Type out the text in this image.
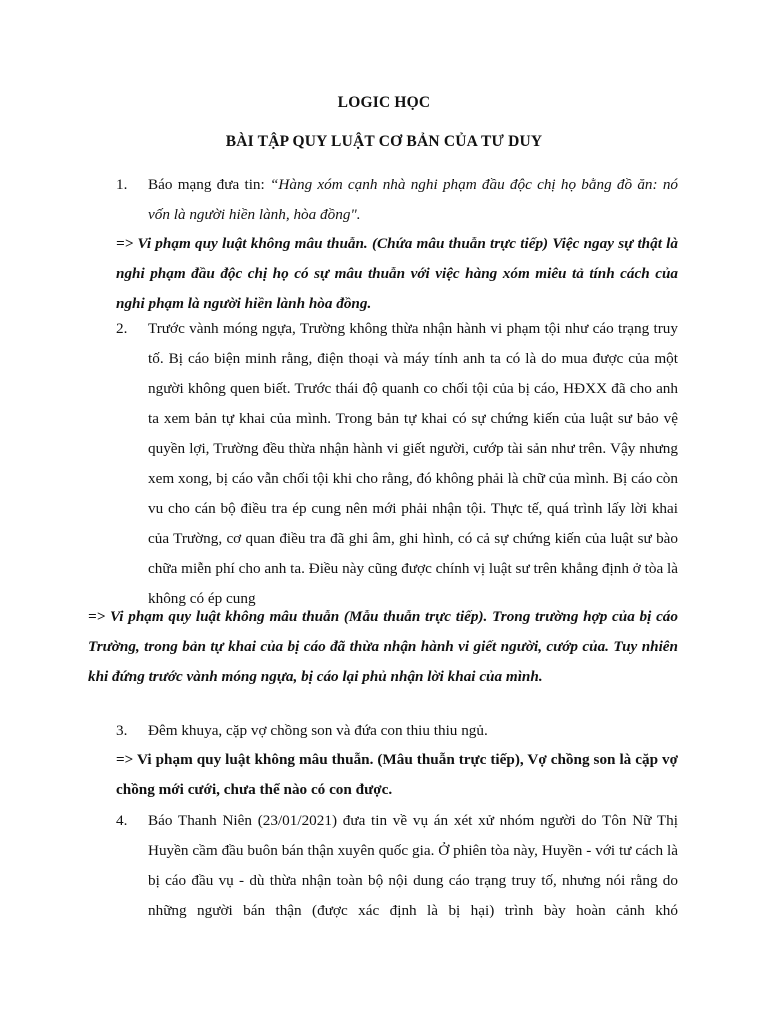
LOGIC HỌC
BÀI TẬP QUY LUẬT CƠ BẢN CỦA TƯ DUY
1.	Báo mạng đưa tin: “Hàng xóm cạnh nhà nghi phạm đầu độc chị họ bằng đồ ăn: nó vốn là người hiền lành, hòa đồng".
=> Vi phạm quy luật không mâu thuẫn. (Chứa mâu thuẫn trực tiếp) Việc ngay sự thật là nghi phạm đầu độc chị họ có sự mâu thuẫn với việc hàng xóm miêu tả tính cách của nghi phạm là người hiền lành hòa đồng.
2.	Trước vành móng ngựa, Trường không thừa nhận hành vi phạm tội như cáo trạng truy tố. Bị cáo biện minh rằng, điện thoại và máy tính anh ta có là do mua được của một người không quen biết. Trước thái độ quanh co chối tội của bị cáo, HĐXX đã cho anh ta xem bản tự khai của mình. Trong bản tự khai có sự chứng kiến của luật sư bảo vệ quyền lợi, Trường đều thừa nhận hành vi giết người, cướp tài sản như trên. Vậy nhưng xem xong, bị cáo vẫn chối tội khi cho rằng, đó không phải là chữ của mình. Bị cáo còn vu cho cán bộ điều tra ép cung nên mới phải nhận tội. Thực tế, quá trình lấy lời khai của Trường, cơ quan điều tra đã ghi âm, ghi hình, có cả sự chứng kiến của luật sư bào chữa miễn phí cho anh ta. Điều này cũng được chính vị luật sư trên khẳng định ở tòa là không có ép cung
=> Vi phạm quy luật không mâu thuẫn (Mẫu thuẫn trực tiếp). Trong trường hợp của bị cáo Trường, trong bản tự khai của bị cáo đã thừa nhận hành vi giết người, cướp của. Tuy nhiên khi đứng trước vành móng ngựa, bị cáo lại phủ nhận lời khai của mình.
3.	Đêm khuya, cặp vợ chồng son và đứa con thiu thiu ngủ.
=> Vi phạm quy luật không mâu thuẫn. (Mâu thuẫn trực tiếp), Vợ chồng son là cặp vợ chồng mới cưới, chưa thể nào có con được.
4.	Báo Thanh Niên (23/01/2021) đưa tin về vụ án xét xử nhóm người do Tôn Nữ Thị Huyền cầm đầu buôn bán thận xuyên quốc gia. Ở phiên tòa này, Huyền - với tư cách là bị cáo đầu vụ - dù thừa nhận toàn bộ nội dung cáo trạng truy tố, nhưng nói rằng do những người bán thận (được xác định là bị hại) trình bày hoàn cảnh khó
